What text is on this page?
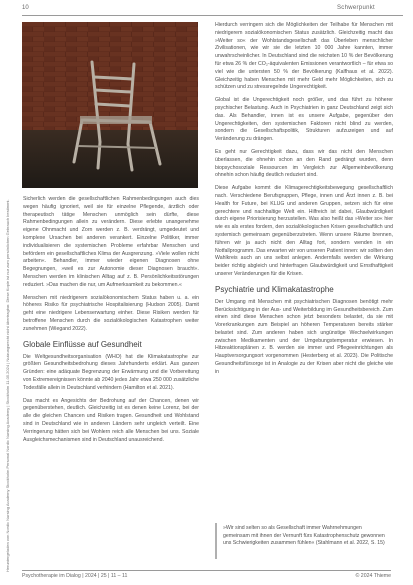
10	Schwerpunkt
Heruntergeladen von Nordic Nursing Academy Stockholm Personal Nordic Nursing Academy | Stockholm 11.05.2024 | Nutzungsrecht nicht übertragbar. Diese Kopie ist nur zum persönlichen Gebrauch bestimmt.

Sicherlich werden die gesellschaftlichen Rahmenbedingungen auch dies wegen häufig ignoriert, weil sie für einzelne Pflegende, ärztlich oder therapeutisch tätige Menschen unmöglich sein dürfte, diese Rahmenbedingungen allein zu verändern. Diese erlebte unangenehme eigene Ohnmacht und Zorn werden z. B. verdrängt, umgedeutet und komplexe Ursachen bei anderen verankert. Einzelne Politiker, immer individualisieren die systemischen Probleme erfahrbar Menschen und befördern ein gesellschaftliches Klima der Ausgrenzung. »Viele wollen nicht arbeiten«. Behandler, immer wieder eigenen Diagnosen ohne Begegnungen, »weil es zur Autonomie dieser Diagnosen braucht«. Menschen werden im klinischen Alltag auf z. B. Persönlichkeitsstörungen reduziert. »Das machen die nur, um Aufmerksamkeit zu bekommen.«

Menschen mit niedrigerem sozialökonomischem Status haben u. a. ein höheres Risiko für psychiatrische Hospitalisierung (Hudson 2005). Damit geht eine niedrigere Lebenserwartung einher. Diese Risiken werden für betroffene Menschen durch die sozialökologischen Katastrophen weiter zunehmen (Wiegand 2022).

Globale Einflüsse auf Gesundheit

Die Weltgesundheitsorganisation (WHO) hat die Klimakatastrophe zur größten Gesundheitsbedrohung dieses Jahrhunderts erklärt. Aus ganzen Gründen: eine adäquate Begrenzung der Erwärmung und die Vorbereitung von Extremereignissen könnte ab 2040 jedes Jahr etwa 250 000 zusätzliche Todesfälle allein in Deutschland verhindern (Hamilton et al. 2021).

Das macht es Angesichts der Bedrohung auf der Chancen, denen wir gegenüberstehen, deutlich. Gleichzeitig ist es denen keine Lorenz, bei der alle die gleichen Chancen und Risiken tragen. Gesundheit und Wohlstand sind in Deutschland wie in anderen Ländern sehr ungleich verteilt. Eine Verringerung hätten sich bei Wohlern reich alle Menschen bei uns. Soziale Ausgleichsmechanismen sind in Deutschland unausreichend.

Hierdurch verringern sich die Möglichkeiten der Teilhabe für Menschen mit niedrigerem sozialökonomischen Status zusätzlich. Gleichzeitig macht das »Weiter so« der Wohlstandsgesellschaft das Überleben menschlicher Zivilisationen, wie wir sie die letzten 10 000 Jahre kannten, immer unwahrscheinlicher. In Deutschland sind die reichsten 10 % der Bevölkerung für etwa 26 % der CO₂-äquivalenten Emissionen verantwortlich – für etwa so viel wie die untersten 50 % der Bevölkerung (Kalfhaus et al. 2022). Gleichzeitig haben Menschen mit mehr Geld mehr Möglichkeiten, sich zu schützen und zu stressregelnde Ungerechtigkeit.

Global ist die Ungerechtigkeit noch größer, und das führt zu höherer psychischer Belastung. Auch in Psychiatrien in ganz Deutschland zeigt sich das. Als Behandler, innen ist es unsere Aufgabe, gegenüber den Ungerechtigkeiten, den systemischen Faktoren nicht blind zu werden, sondern die Gesellschaftspolitik, Strukturen aufzuzeigen und auf Veränderung zu drängen.

Es geht nur Gerechtigkeit dazu, dass wir das nicht den Menschen überlassen, die ohnehin schon an den Rand gedrängt wurden, denn biopsychosoziale Ressourcen im Vergleich zur Allgemeinbevölkerung ohnehin schon häufig deutlich reduziert sind.

Diese Aufgabe kommt die Klimagerechtigkeitsbewegung gesellschaftlich nach. Verschiedene Berufsgruppen, Pflege, innen und Ärzt innen z. B. bei Health for Future, bei KLUG und anderen Gruppen, setzen sich für eine gerechtere und nachhaltige Welt ein. Hilfreich ist dabei, Glaubwürdigkeit durch eigene Priorisierung herzustellen. Was also heißt das »Weiter so« hier wie es als erstes fordern, den sozialökologischen Krisen gesellschaftlich und systemisch gemeinsam gegenüberzutreten. Wenn unsere Räume brennen, führen wir ja auch nicht den Alltag fort, sondern wenden in ein Notfallprogramm. Das erwarten wir von unseren Patient innen: wir sollten den Wahlkreis auch an uns selbst anlegen. Andernfalls werden die Wirkung beider richtig abgleich und hinterfragen Glaubwürdigkeit und Ernsthaftigkeit unserer Veränderungen für die Krisen.

Psychiatrie und Klimakatastrophe

Der Umgang mit Menschen mit psychiatrischen Diagnosen benötigt mehr Berücksichtigung in der Aus- und Weiterbildung im Gesundheitsbereich. Zum einen sind diese Menschen schon jetzt besonders belastet, da sie mit Vorerkrankungen zum Beispiel an höheren Temperaturen bereits stärker belastet sind. Zum anderen haben sich ungünstige Wechselwirkungen zwischen Medikamenten und der Umgebungstemperatur erwiesen. In Hitzeaktionsplänen z. B. werden sie immer und Pflegeeinrichtungen als Hauptversorgungsort vorgenommen (Hesterberg et al. 2023). Die Politische Gesundheitsfürsorge ist in Analogie zu der Krisen aber nicht die gleiche wie in

»Wir sind selten so als Gesellschaft immer Wahrnehmungen gemeinsam mit ihnen der Vernunft fürs Katastrophenschutz gewonnen uns Schwierigkeiten zusammen fühlen« (Stahlmann et al. 2022, S. 15)

Psychotherapie im Dialog | 2024 | 25 | 11 – 11	© 2024 Thieme
